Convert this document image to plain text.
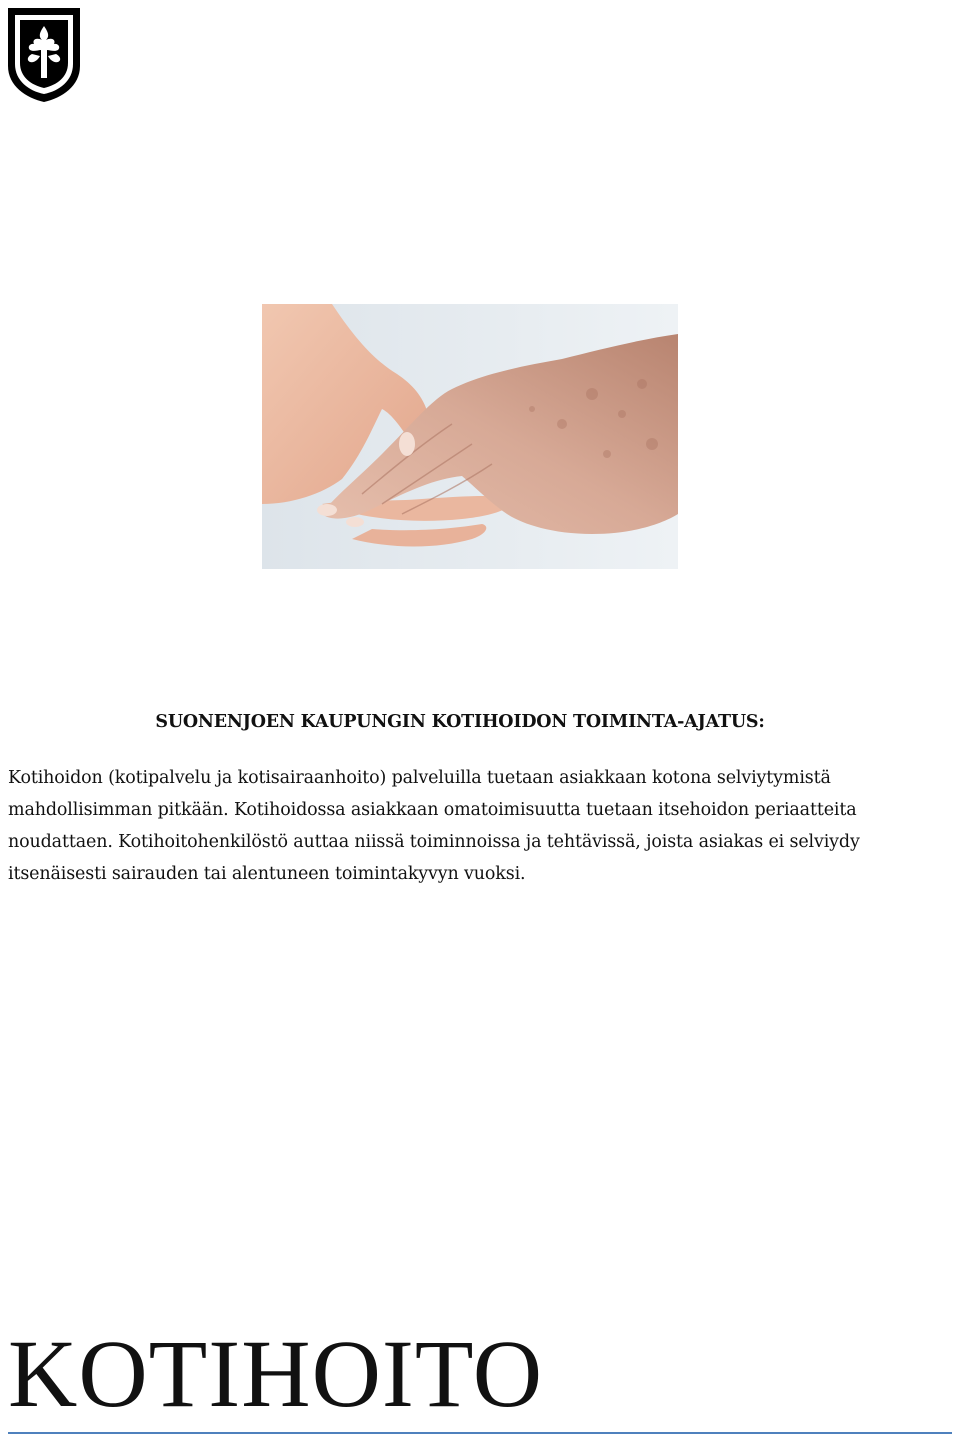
SUONENJOEN KAUPUNGIN KOTIHOIDON TOIMINTA-AJATUS:

Kotihoidon (kotipalvelu ja kotisairaanhoito) palveluilla tuetaan asiakkaan kotona selviytymistä mahdollisimman pitkään. Kotihoidossa asiakkaan omatoimisuutta tuetaan itsehoidon periaatteita noudattaen. Kotihoitohenkilöstö auttaa niissä toiminnoissa ja tehtävissä, joista asiakas ei selviydy itsenäisesti sairauden tai alentuneen toimintakyvyn vuoksi.

KOTIHOITO
